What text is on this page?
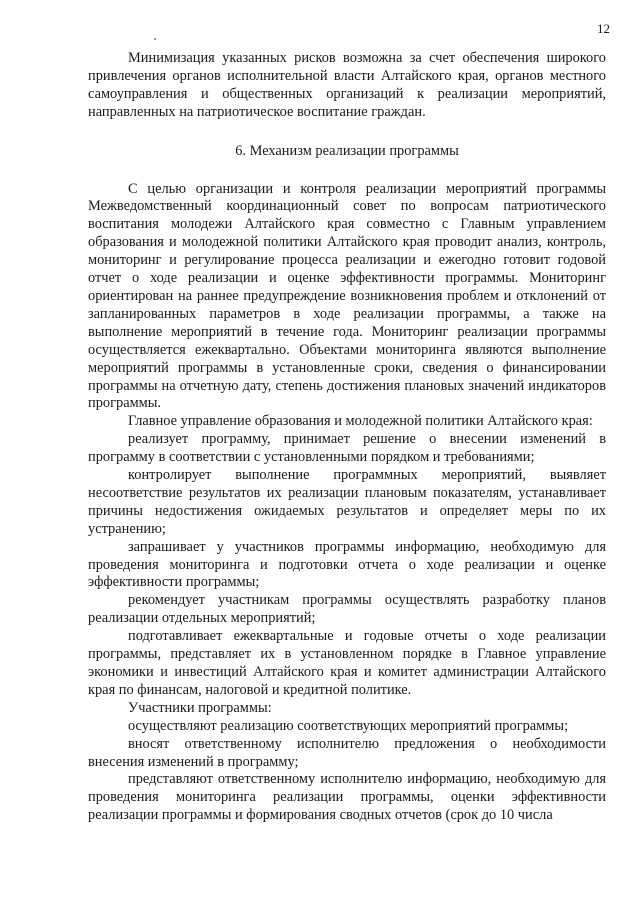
12

Минимизация указанных рисков возможна за счет обеспечения широкого привлечения органов исполнительной власти Алтайского края, органов местного самоуправления и общественных организаций к реализации мероприятий, направленных на патриотическое воспитание граждан.

6. Механизм реализации программы

С целью организации и контроля реализации мероприятий программы Межведомственный координационный совет по вопросам патриотического воспитания молодежи Алтайского края совместно с Главным управлением образования и молодежной политики Алтайского края проводит анализ, контроль, мониторинг и регулирование процесса реализации и ежегодно готовит годовой отчет о ходе реализации и оценке эффективности программы. Мониторинг ориентирован на раннее предупреждение возникновения проблем и отклонений от запланированных параметров в ходе реализации программы, а также на выполнение мероприятий в течение года. Мониторинг реализации программы осуществляется ежеквартально. Объектами мониторинга являются выполнение мероприятий программы в установленные сроки, сведения о финансировании программы на отчетную дату, степень достижения плановых значений индикаторов программы.

Главное управление образования и молодежной политики Алтайского края:

реализует программу, принимает решение о внесении изменений в программу в соответствии с установленными порядком и требованиями;

контролирует выполнение программных мероприятий, выявляет несоответствие результатов их реализации плановым показателям, устанавливает причины недостижения ожидаемых результатов и определяет меры по их устранению;

запрашивает у участников программы информацию, необходимую для проведения мониторинга и подготовки отчета о ходе реализации и оценке эффективности программы;

рекомендует участникам программы осуществлять разработку планов реализации отдельных мероприятий;

подготавливает ежеквартальные и годовые отчеты о ходе реализации программы, представляет их в установленном порядке в Главное управление экономики и инвестиций Алтайского края и комитет администрации Алтайского края по финансам, налоговой и кредитной политике.

Участники программы:

осуществляют реализацию соответствующих мероприятий программы;

вносят ответственному исполнителю предложения о необходимости внесения изменений в программу;

представляют ответственному исполнителю информацию, необходимую для проведения мониторинга реализации программы, оценки эффективности реализации программы и формирования сводных отчетов (срок до 10 числа
